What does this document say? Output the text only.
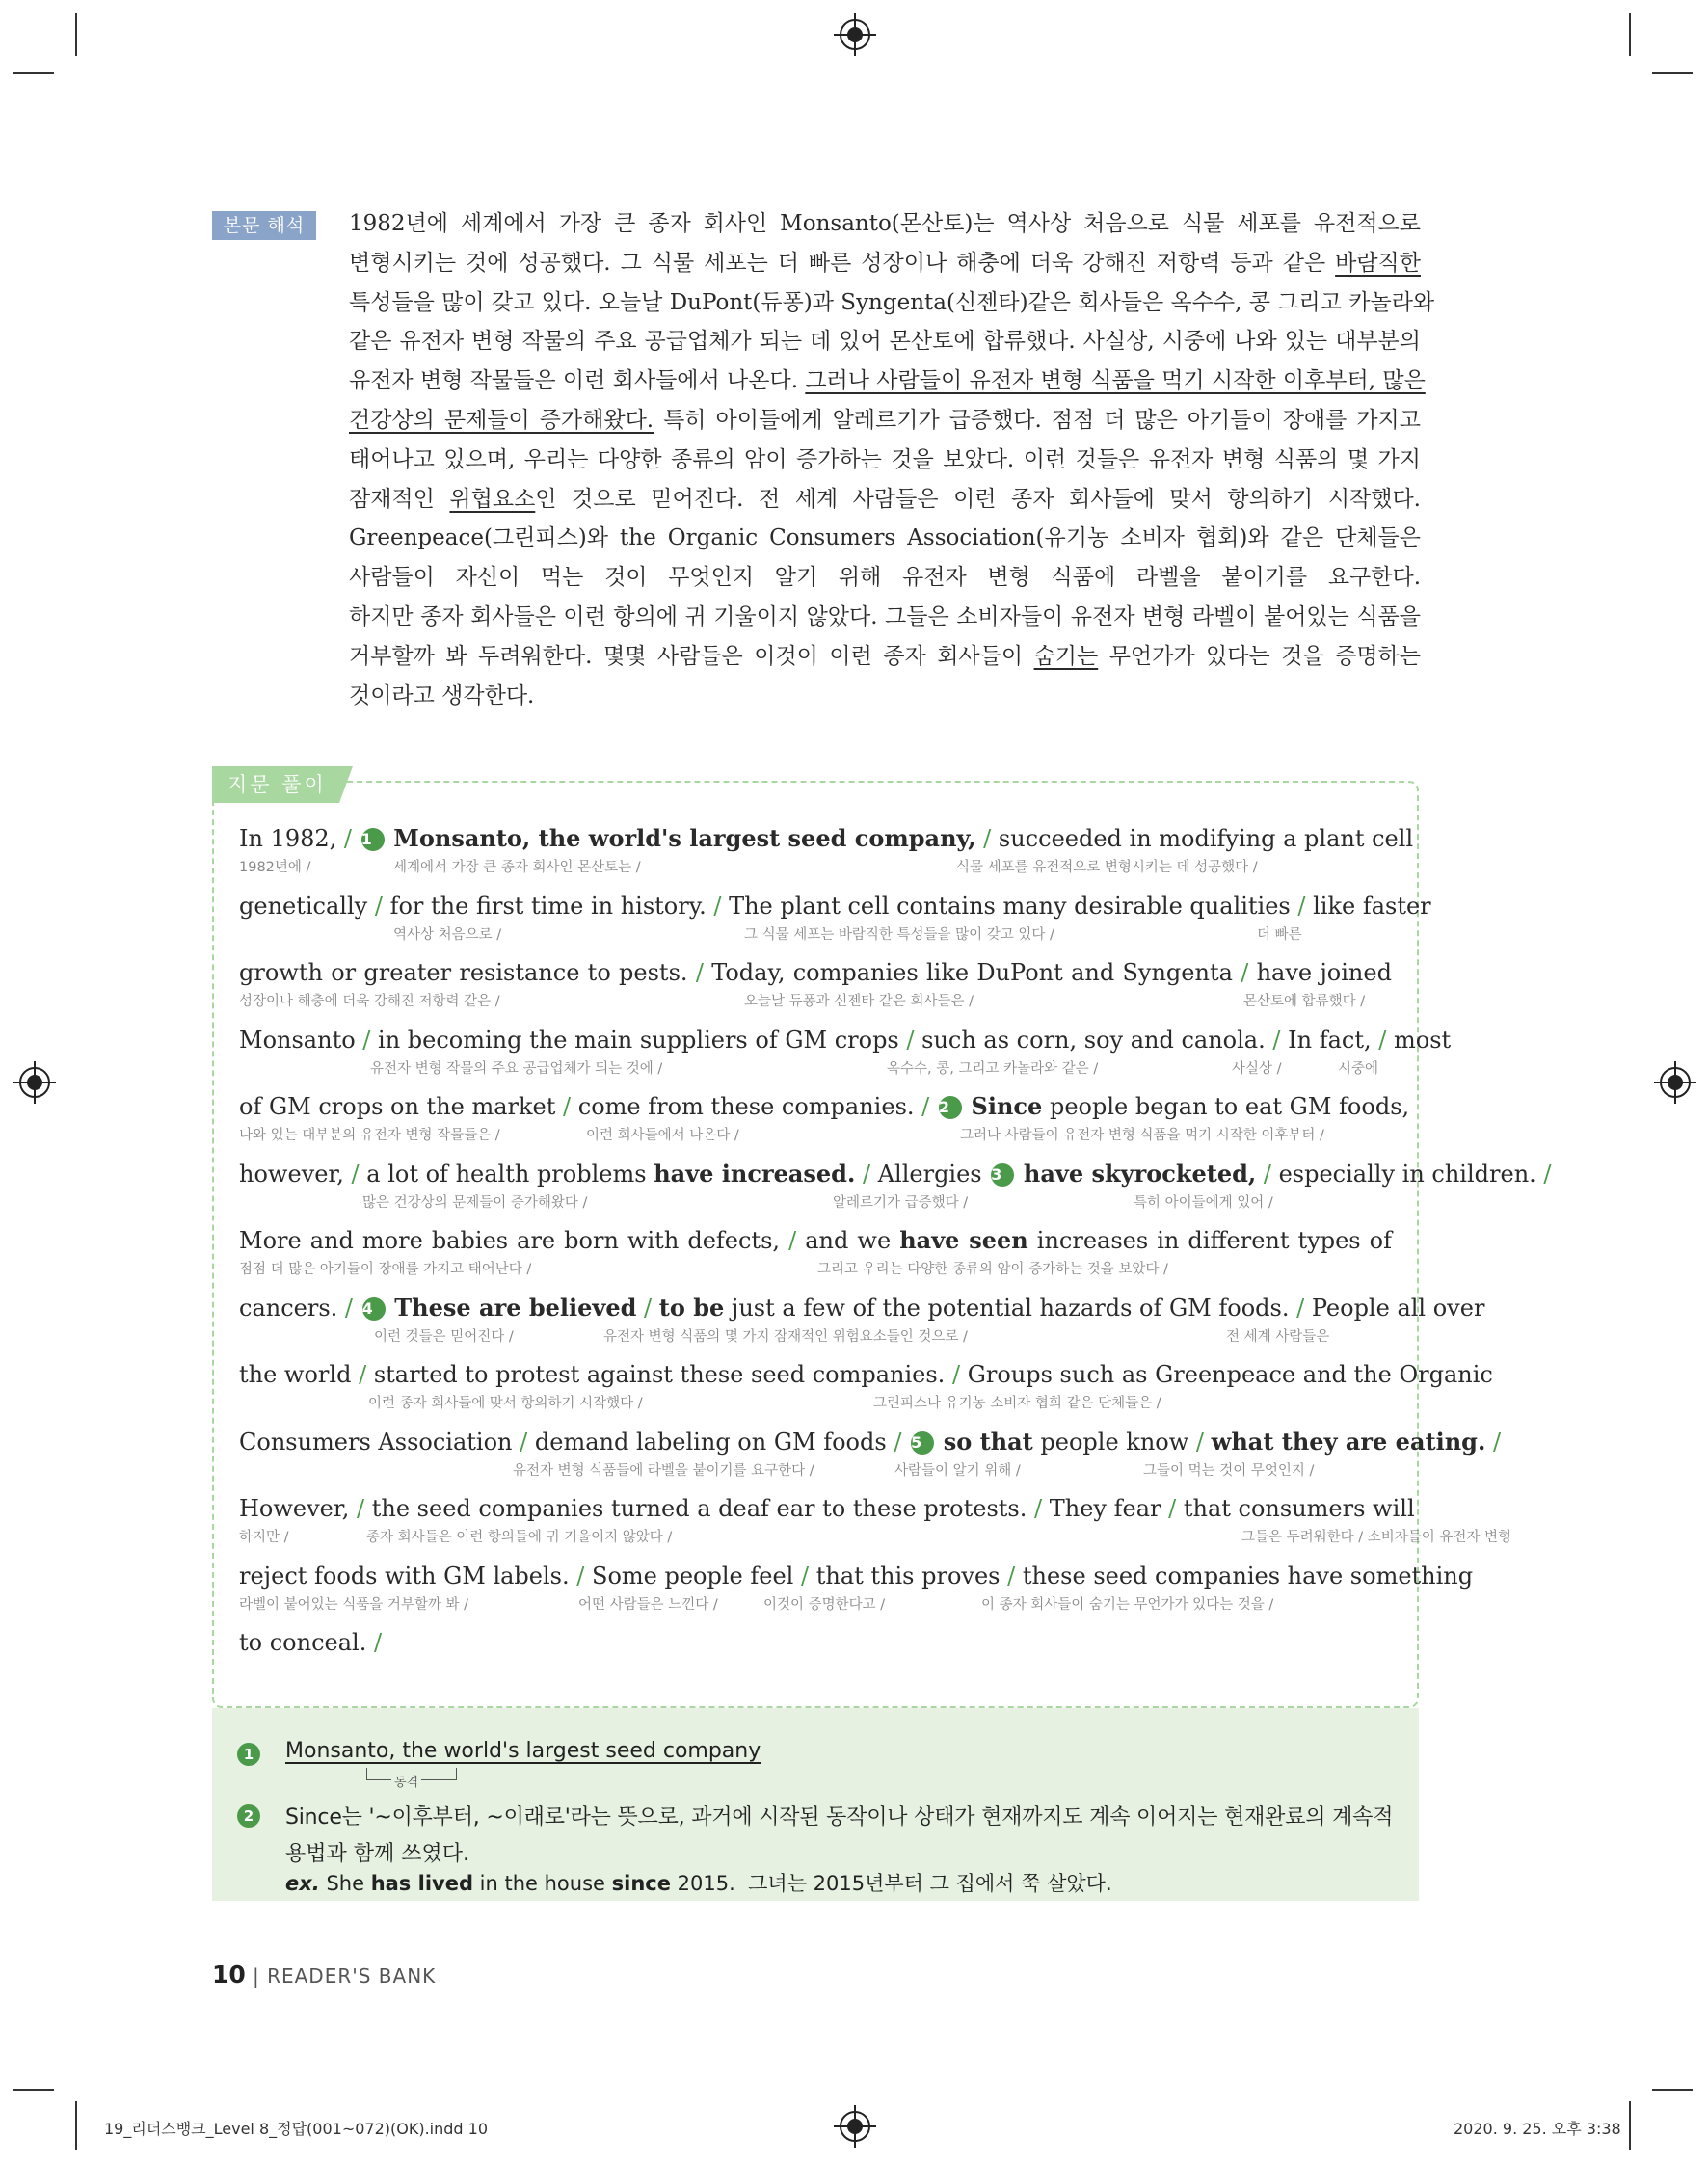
본문 해석	1982년에 세계에서 가장 큰 종자 회사인 Monsanto(몬산토)는 역사상 처음으로 식물 세포를 유전적으로
변형시키는 것에 성공했다. 그 식물 세포는 더 빠른 성장이나 해충에 더욱 강해진 저항력 등과 같은 바람직한
특성들을 많이 갖고 있다. 오늘날 DuPont(듀퐁)과 Syngenta(신젠타)같은 회사들은 옥수수, 콩 그리고 카놀라와
같은 유전자 변형 작물의 주요 공급업체가 되는 데 있어 몬산토에 합류했다. 사실상, 시중에 나와 있는 대부분의
유전자 변형 작물들은 이런 회사들에서 나온다. 그러나 사람들이 유전자 변형 식품을 먹기 시작한 이후부터, 많은
건강상의 문제들이 증가해왔다. 특히 아이들에게 알레르기가 급증했다. 점점 더 많은 아기들이 장애를 가지고
태어나고 있으며, 우리는 다양한 종류의 암이 증가하는 것을 보았다. 이런 것들은 유전자 변형 식품의 몇 가지
잠재적인 위협요소인 것으로 믿어진다. 전 세계 사람들은 이런 종자 회사들에 맞서 항의하기 시작했다.
Greenpeace(그린피스)와 the Organic Consumers Association(유기농 소비자 협회)와 같은 단체들은
사람들이 자신이 먹는 것이 무엇인지 알기 위해 유전자 변형 식품에 라벨을 붙이기를 요구한다.
하지만 종자 회사들은 이런 항의에 귀 기울이지 않았다. 그들은 소비자들이 유전자 변형 라벨이 붙어있는 식품을
거부할까 봐 두려워한다. 몇몇 사람들은 이것이 이런 종자 회사들이 숨기는 무언가가 있다는 것을 증명하는
것이라고 생각한다.
지문 풀이
In 1982, / 1 Monsanto, the world's largest seed company, / succeeded in modifying a plant cell
1982년에 /	세계에서 가장 큰 종자 회사인 몬산토는 /	식물 세포를 유전적으로 변형시키는 데 성공했다 /
genetically / for the first time in history. / The plant cell contains many desirable qualities / like faster
역사상 처음으로 /	그 식물 세포는 바람직한 특성들을 많이 갖고 있다 /	더 빠른
growth or greater resistance to pests. / Today, companies like DuPont and Syngenta / have joined
성장이나 해충에 더욱 강해진 저항력 같은 /	오늘날 듀퐁과 신젠타 같은 회사들은 /	몬산토에 합류했다 /
Monsanto / in becoming the main suppliers of GM crops / such as corn, soy and canola. / In fact, / most
유전자 변형 작물의 주요 공급업체가 되는 것에 /	옥수수, 콩, 그리고 카놀라와 같은 /	사실상 /	시중에
of GM crops on the market / come from these companies. / 2 Since people began to eat GM foods,
나와 있는 대부분의 유전자 변형 작물들은 /	이런 회사들에서 나온다 /	그러나 사람들이 유전자 변형 식품을 먹기 시작한 이후부터 /
however, / a lot of health problems have increased. / Allergies 3 have skyrocketed, / especially in children. /
많은 건강상의 문제들이 증가해왔다 /	알레르기가 급증했다 /	특히 아이들에게 있어 /
More and more babies are born with defects, / and we have seen increases in different types of
점점 더 많은 아기들이 장애를 가지고 태어난다 /	그리고 우리는 다양한 종류의 암이 증가하는 것을 보았다 /
cancers. / 4 These are believed / to be just a few of the potential hazards of GM foods. / People all over
이런 것들은 믿어진다 /	유전자 변형 식품의 몇 가지 잠재적인 위험요소들인 것으로 /	전 세계 사람들은
the world / started to protest against these seed companies. / Groups such as Greenpeace and the Organic
이런 종자 회사들에 맞서 항의하기 시작했다 /	그린피스나 유기농 소비자 협회 같은 단체들은 /
Consumers Association / demand labeling on GM foods / 5 so that people know / what they are eating. /
유전자 변형 식품들에 라벨을 붙이기를 요구한다 /	사람들이 알기 위해 /	그들이 먹는 것이 무엇인지 /
However, / the seed companies turned a deaf ear to these protests. / They fear / that consumers will
하지만 /	종자 회사들은 이런 항의들에 귀 기울이지 않았다 /	그들은 두려워한다 / 소비자들이 유전자 변형
reject foods with GM labels. / Some people feel / that this proves / these seed companies have something
라벨이 붙어있는 식품을 거부할까 봐 /	어떤 사람들은 느낀다 /	이것이 증명한다고 /	이 종자 회사들이 숨기는 무언가가 있다는 것을 /
to conceal. /
1	Monsanto, the world's largest seed company
동격
2	Since는 '~이후부터, ~이래로'라는 뜻으로, 과거에 시작된 동작이나 상태가 현재까지도 계속 이어지는 현재완료의 계속적
용법과 함께 쓰였다.
ex. She has lived in the house since 2015. 그녀는 2015년부터 그 집에서 쭉 살았다.
10 | READER'S BANK
19_리더스뱅크_Level 8_정답(001~072)(OK).indd 10	2020. 9. 25. 오후 3:38
